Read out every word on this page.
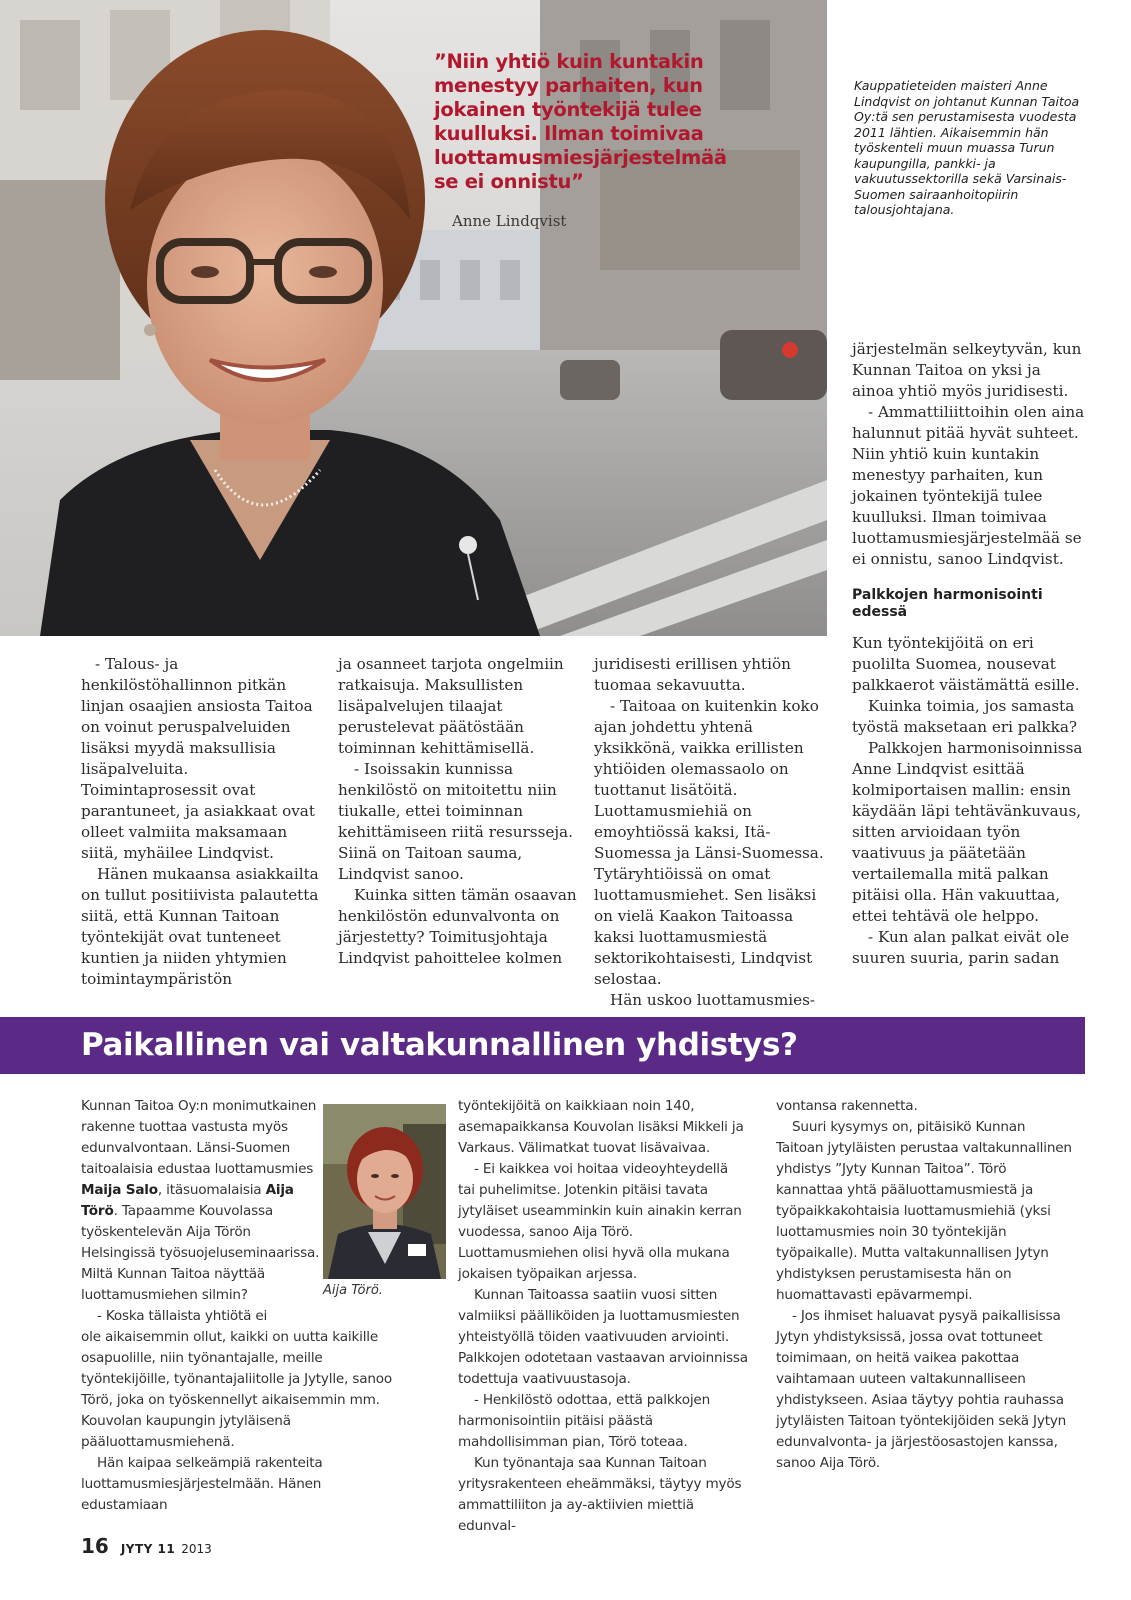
”Niin yhtiö kuin kuntakin menestyy parhaiten, kun jokainen työntekijä tulee kuulluksi. Ilman toimivaa luottamusmiesjärjestelmää se ei onnistu”

Anne Lindqvist

Kauppatieteiden maisteri Anne Lindqvist on johtanut Kunnan Taitoa Oy:tä sen perustamisesta vuodesta 2011 lähtien. Aikaisemmin hän työskenteli muun muassa Turun kaupungilla, pankki- ja vakuutussektorilla sekä Varsinais-Suomen sairaanhoitopiirin talousjohtajana.

järjestelmän selkeytyvän, kun Kunnan Taitoa on yksi ja ainoa yhtiö myös juridisesti.

- Ammattiliittoihin olen aina halunnut pitää hyvät suhteet. Niin yhtiö kuin kuntakin menestyy parhaiten, kun jokainen työntekijä tulee kuulluksi. Ilman toimivaa luottamusmiesjärjestelmää se ei onnistu, sanoo Lindqvist.

Palkkojen harmonisointi edessä

Kun työntekijöitä on eri puolilta Suomea, nousevat palkkaerot väistämättä esille.

Kuinka toimia, jos samasta työstä maksetaan eri palkka?

Palkkojen harmonisoinnissa Anne Lindqvist esittää kolmiportaisen mallin: ensin käydään läpi tehtävänkuvaus, sitten arvioidaan työn vaativuus ja päätetään vertailemalla mitä palkan pitäisi olla. Hän vakuuttaa, ettei tehtävä ole helppo.

- Kun alan palkat eivät ole suuren suuria, parin sadan

- Talous- ja henkilöstöhallinnon pitkän linjan osaajien ansiosta Taitoa on voinut peruspalveluiden lisäksi myydä maksullisia lisäpalveluita. Toimintaprosessit ovat parantuneet, ja asiakkaat ovat olleet valmiita maksamaan siitä, myhäilee Lindqvist.

Hänen mukaansa asiakkailta on tullut positiivista palautetta siitä, että Kunnan Taitoan työntekijät ovat tunteneet kuntien ja niiden yhtymien toimintaympäristön

ja osanneet tarjota ongelmiin ratkaisuja. Maksullisten lisäpalvelujen tilaajat perustelevat päätöstään toiminnan kehittämisellä.

- Isoissakin kunnissa henkilöstö on mitoitettu niin tiukalle, ettei toiminnan kehittämiseen riitä resursseja. Siinä on Taitoan sauma, Lindqvist sanoo.

Kuinka sitten tämän osaavan henkilöstön edunvalvonta on järjestetty? Toimitusjohtaja Lindqvist pahoittelee kolmen

juridisesti erillisen yhtiön tuomaa sekavuutta.

- Taitoaa on kuitenkin koko ajan johdettu yhtenä yksikkönä, vaikka erillisten yhtiöiden olemassaolo on tuottanut lisätöitä. Luottamusmiehiä on emoyhtiössä kaksi, Itä-Suomessa ja Länsi-Suomessa. Tytäryhtiöissä on omat luottamusmiehet. Sen lisäksi on vielä Kaakon Taitoassa kaksi luottamusmiestä sektorikohtaisesti, Lindqvist selostaa.

Hän uskoo luottamusmies-

Paikallinen vai valtakunnallinen yhdistys?

Kunnan Taitoa Oy:n monimutkainen rakenne tuottaa vastusta myös edunvalvontaan. Länsi-Suomen taitoalaisia edustaa luottamusmies Maija Salo, itäsuomalaisia Aija Törö. Tapaamme Kouvolassa työskentelevän Aija Törön Helsingissä työsuojeluseminaarissa. Miltä Kunnan Taitoa näyttää luottamusmiehen silmin?

- Koska tällaista yhtiötä ei

Aija Törö.

ole aikaisemmin ollut, kaikki on uutta kaikille osapuolille, niin työnantajalle, meille työntekijöille, työnantajaliitolle ja Jytylle, sanoo Törö, joka on työskennellyt aikaisemmin mm. Kouvolan kaupungin jytyläisenä pääluottamusmiehenä.

Hän kaipaa selkeämpiä rakenteita luottamusmiesjärjestelmään. Hänen edustamiaan

työntekijöitä on kaikkiaan noin 140, asemapaikkansa Kouvolan lisäksi Mikkeli ja Varkaus. Välimatkat tuovat lisävaivaa.

- Ei kaikkea voi hoitaa videoyhteydellä tai puhelimitse. Jotenkin pitäisi tavata jytyläiset useamminkin kuin ainakin kerran vuodessa, sanoo Aija Törö. Luottamusmiehen olisi hyvä olla mukana jokaisen työpaikan arjessa.

Kunnan Taitoassa saatiin vuosi sitten valmiiksi päälliköiden ja luottamusmiesten yhteistyöllä töiden vaativuuden arviointi. Palkkojen odotetaan vastaavan arvioinnissa todettuja vaativuustasoja.

- Henkilöstö odottaa, että palkkojen harmonisointiin pitäisi päästä mahdollisimman pian, Törö toteaa.

Kun työnantaja saa Kunnan Taitoan yritysrakenteen eheämmäksi, täytyy myös ammattiliiton ja ay-aktiivien miettiä edunval-

vontansa rakennetta.

Suuri kysymys on, pitäisikö Kunnan Taitoan jytyläisten perustaa valtakunnallinen yhdistys ”Jyty Kunnan Taitoa”. Törö kannattaa yhtä pääluottamusmiestä ja työpaikkakohtaisia luottamusmiehiä (yksi luottamusmies noin 30 työntekijän työpaikalle). Mutta valtakunnallisen Jytyn yhdistyksen perustamisesta hän on huomattavasti epävarmempi.

- Jos ihmiset haluavat pysyä paikallisissa Jytyn yhdistyksissä, jossa ovat tottuneet toimimaan, on heitä vaikea pakottaa vaihtamaan uuteen valtakunnalliseen yhdistykseen. Asiaa täytyy pohtia rauhassa jytyläisten Taitoan työntekijöiden sekä Jytyn edunvalvonta- ja järjestöosastojen kanssa, sanoo Aija Törö.

16 JYTY 11 2013
